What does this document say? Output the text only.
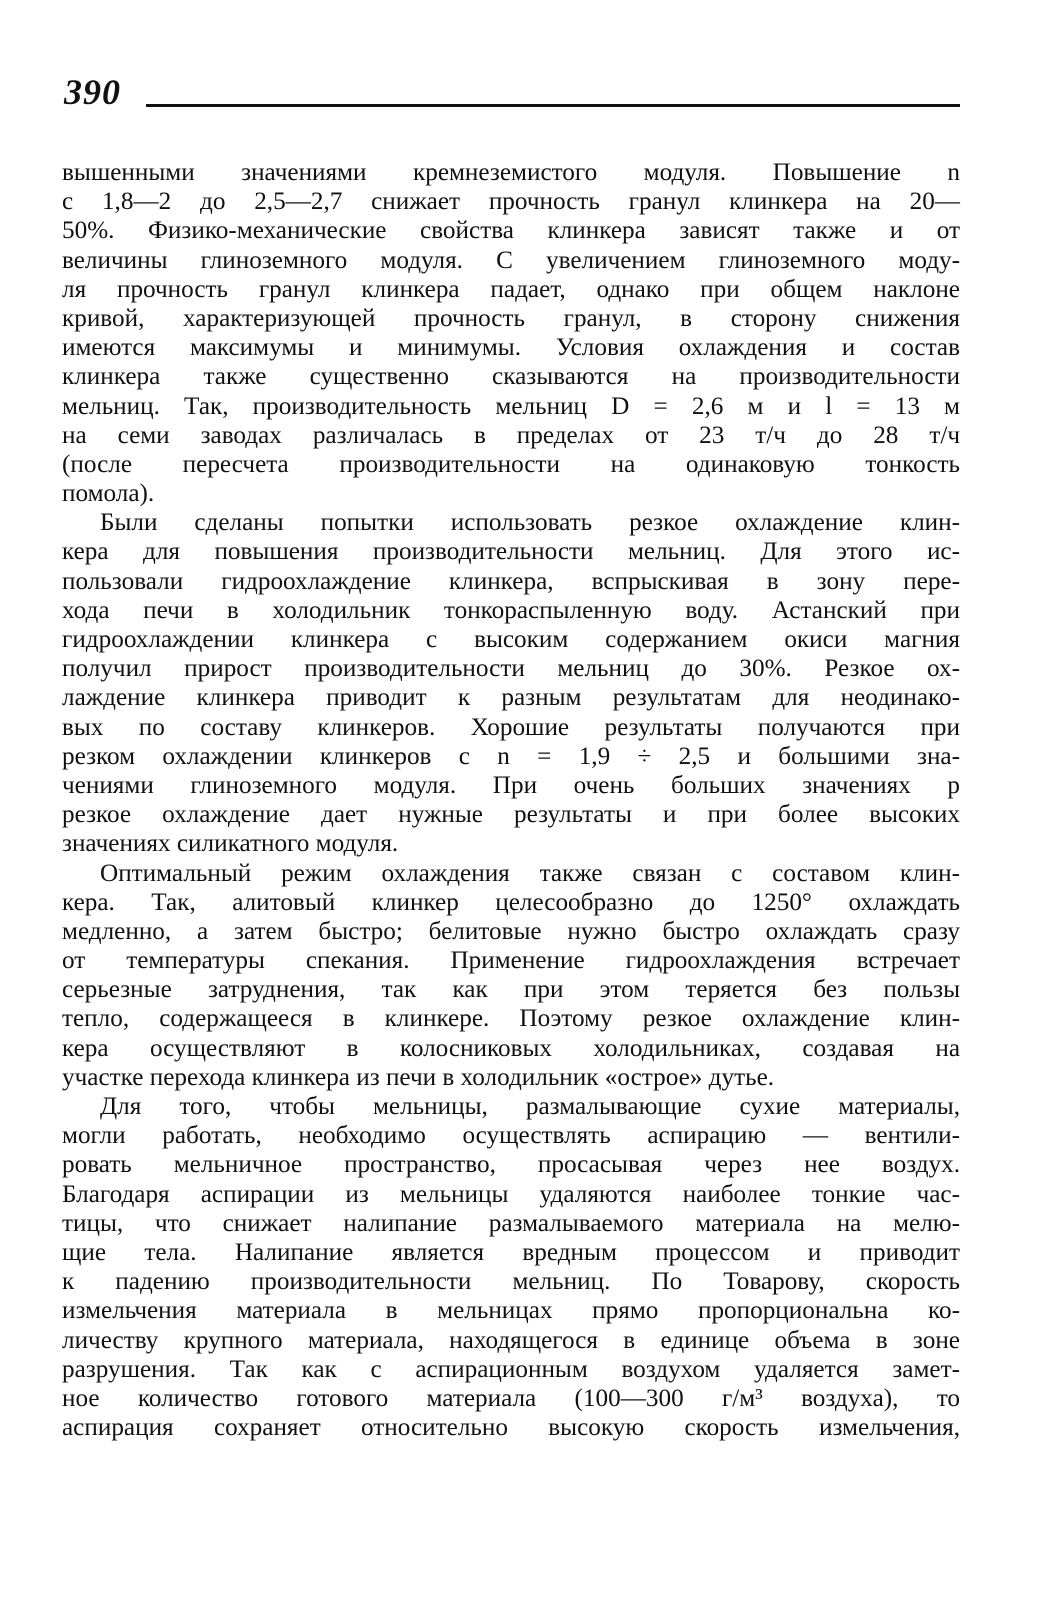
390
вышенными значениями кремнеземистого модуля. Повышение n
с 1,8—2 до 2,5—2,7 снижает прочность гранул клинкера на 20—
50%. Физико-механические свойства клинкера зависят также и от
величины глиноземного модуля. С увеличением глиноземного моду-
ля прочность гранул клинкера падает, однако при общем наклоне
кривой, характеризующей прочность гранул, в сторону снижения
имеются максимумы и минимумы. Условия охлаждения и состав
клинкера также существенно сказываются на производительности
мельниц. Так, производительность мельниц D = 2,6 м и l = 13 м
на семи заводах различалась в пределах от 23 т/ч до 28 т/ч
(после пересчета производительности на одинаковую тонкость
помола).
Были сделаны попытки использовать резкое охлаждение клин-
кера для повышения производительности мельниц. Для этого ис-
пользовали гидроохлаждение клинкера, вспрыскивая в зону пере-
хода печи в холодильник тонкораспыленную воду. Астанский при
гидроохлаждении клинкера с высоким содержанием окиси магния
получил прирост производительности мельниц до 30%. Резкое ох-
лаждение клинкера приводит к разным результатам для неодинако-
вых по составу клинкеров. Хорошие результаты получаются при
резком охлаждении клинкеров с n = 1,9 ÷ 2,5 и большими зна-
чениями глиноземного модуля. При очень больших значениях p
резкое охлаждение дает нужные результаты и при более высоких
значениях силикатного модуля.
Оптимальный режим охлаждения также связан с составом клин-
кера. Так, алитовый клинкер целесообразно до 1250° охлаждать
медленно, а затем быстро; белитовые нужно быстро охлаждать сразу
от температуры спекания. Применение гидроохлаждения встречает
серьезные затруднения, так как при этом теряется без пользы
тепло, содержащееся в клинкере. Поэтому резкое охлаждение клин-
кера осуществляют в колосниковых холодильниках, создавая на
участке перехода клинкера из печи в холодильник «острое» дутье.
Для того, чтобы мельницы, размалывающие сухие материалы,
могли работать, необходимо осуществлять аспирацию — вентили-
ровать мельничное пространство, просасывая через нее воздух.
Благодаря аспирации из мельницы удаляются наиболее тонкие час-
тицы, что снижает налипание размалываемого материала на мелю-
щие тела. Налипание является вредным процессом и приводит
к падению производительности мельниц. По Товарову, скорость
измельчения материала в мельницах прямо пропорциональна ко-
личеству крупного материала, находящегося в единице объема в зоне
разрушения. Так как с аспирационным воздухом удаляется замет-
ное количество готового материала (100—300 г/м³ воздуха), то
аспирация сохраняет относительно высокую скорость измельчения,
